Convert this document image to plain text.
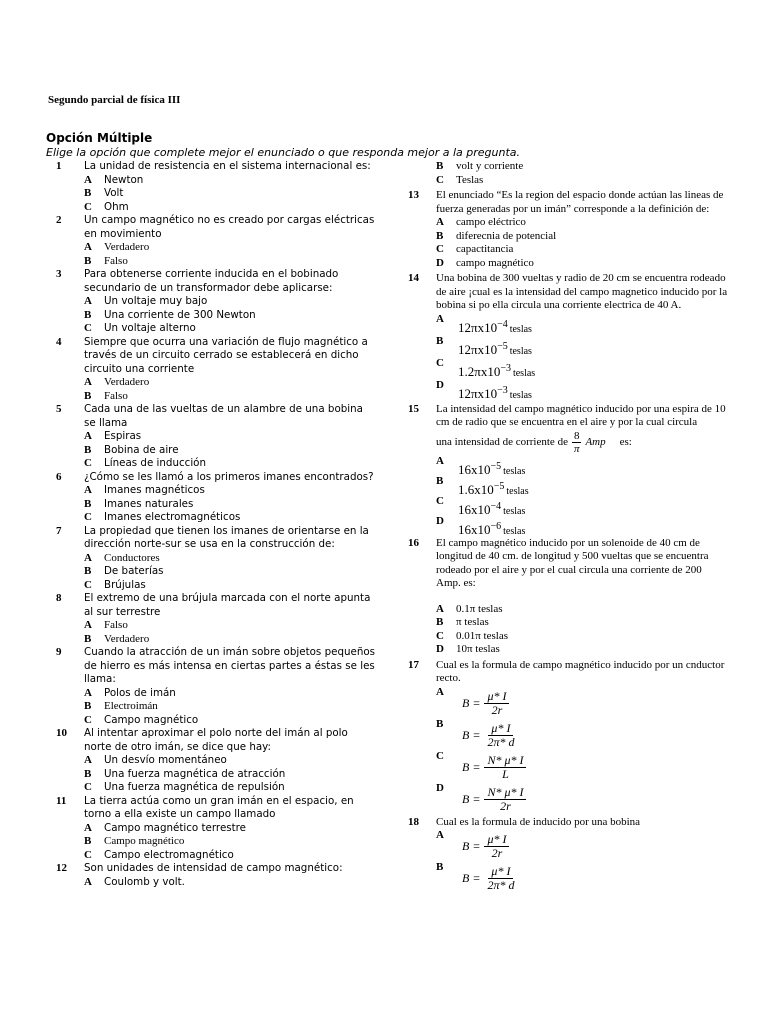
Segundo parcial de física III
Opción Múltiple
Elige la opción que complete mejor el enunciado o que responda mejor a la pregunta.
1	La unidad de resistencia en el sistema internacional es:
A	Newton
B	Volt
C	Ohm
2	Un campo magnético no es creado por cargas eléctricas en movimiento
A	Verdadero
B	Falso
3	Para obtenerse corriente inducida en el bobinado secundario de un transformador debe aplicarse:
A	Un voltaje muy bajo
B	Una corriente de 300 Newton
C	Un voltaje alterno
4	Siempre que ocurra una variación de flujo magnético a través de un circuito cerrado se establecerá en dicho circuito una corriente
A	Verdadero
B	Falso
5	Cada una de las vueltas de un alambre de una bobina se llama
A	Espiras
B	Bobina de aire
C	Líneas de inducción
6	¿Cómo se les llamó a los primeros imanes encontrados?
A	Imanes magnéticos
B	Imanes naturales
C	Imanes electromagnéticos
7	La propiedad que tienen los imanes de orientarse en la dirección norte-sur se usa en la construcción de:
A	Conductores
B	De baterías
C	Brújulas
8	El extremo de una brújula marcada con el norte apunta al sur terrestre
A	Falso
B	Verdadero
9	Cuando la atracción de un imán sobre objetos pequeños de hierro es más intensa en ciertas partes a éstas se les llama:
A	Polos de imán
B	Electroimán
C	Campo magnético
10	Al intentar aproximar el polo norte del imán al polo norte de otro imán, se dice que hay:
A	Un desvío momentáneo
B	Una fuerza magnética de atracción
C	Una fuerza magnética de repulsión
11	La tierra actúa como un gran imán en el espacio, en torno a ella existe un campo llamado
A	Campo magnético terrestre
B	Campo magnético
C	Campo electromagnético
12	Son unidades de intensidad de campo magnético:
A	Coulomb y volt.
B	volt y corriente
C	Teslas
13	El enunciado “Es la region del espacio donde actúan las lineas de fuerza generadas por un imán” corresponde a la definición de:
A	campo eléctrico
B	diferecnia de potencial
C	capactitancia
D	campo magnético
14	Una bobina de 300 vueltas y radio de 20 cm se encuentra rodeado de aire ¡cual es la intensidad del campo magnetico inducido por la bobina si po ella circula una corriente electrica de 40 A.
A
$12\pi x10^{-4}$ teslas
B
$12\pi x10^{-5}$ teslas
C
$1.2\pi x10^{-3}$ teslas
D
$12\pi x10^{-3}$ teslas
15	La intensidad del campo magnético inducido por una espira de 10 cm de radio que se encuentra en el aire y por la cual circula
una intensidad de corriente de $\frac{8}{\pi}$ Amp es:
A
$16x10^{-5}$ teslas
B
$1.6x10^{-5}$ teslas
C
$16x10^{-4}$ teslas
D
$16x10^{-6}$ teslas
16	El campo magnético inducido por un solenoide de 40 cm de longitud de 40 cm. de longitud y 500 vueltas que se encuentra rodeado por el aire y por el cual circula una corriente de 200 Amp. es:
A	0.1π teslas
B	π teslas
C	0.01π teslas
D	10π teslas
17	Cual es la formula de campo magnético inducido por un cnductor recto.
A
$B = \frac{\mu* I}{2r}$
B
$B = \frac{\mu* I}{2\pi* d}$
C
$B = \frac{N* \mu* I}{L}$
D
$B = \frac{N* \mu* I}{2r}$
18	Cual es la formula de inducido por una bobina
A
$B = \frac{\mu* I}{2r}$
B
$B = \frac{\mu* I}{2\pi* d}$
